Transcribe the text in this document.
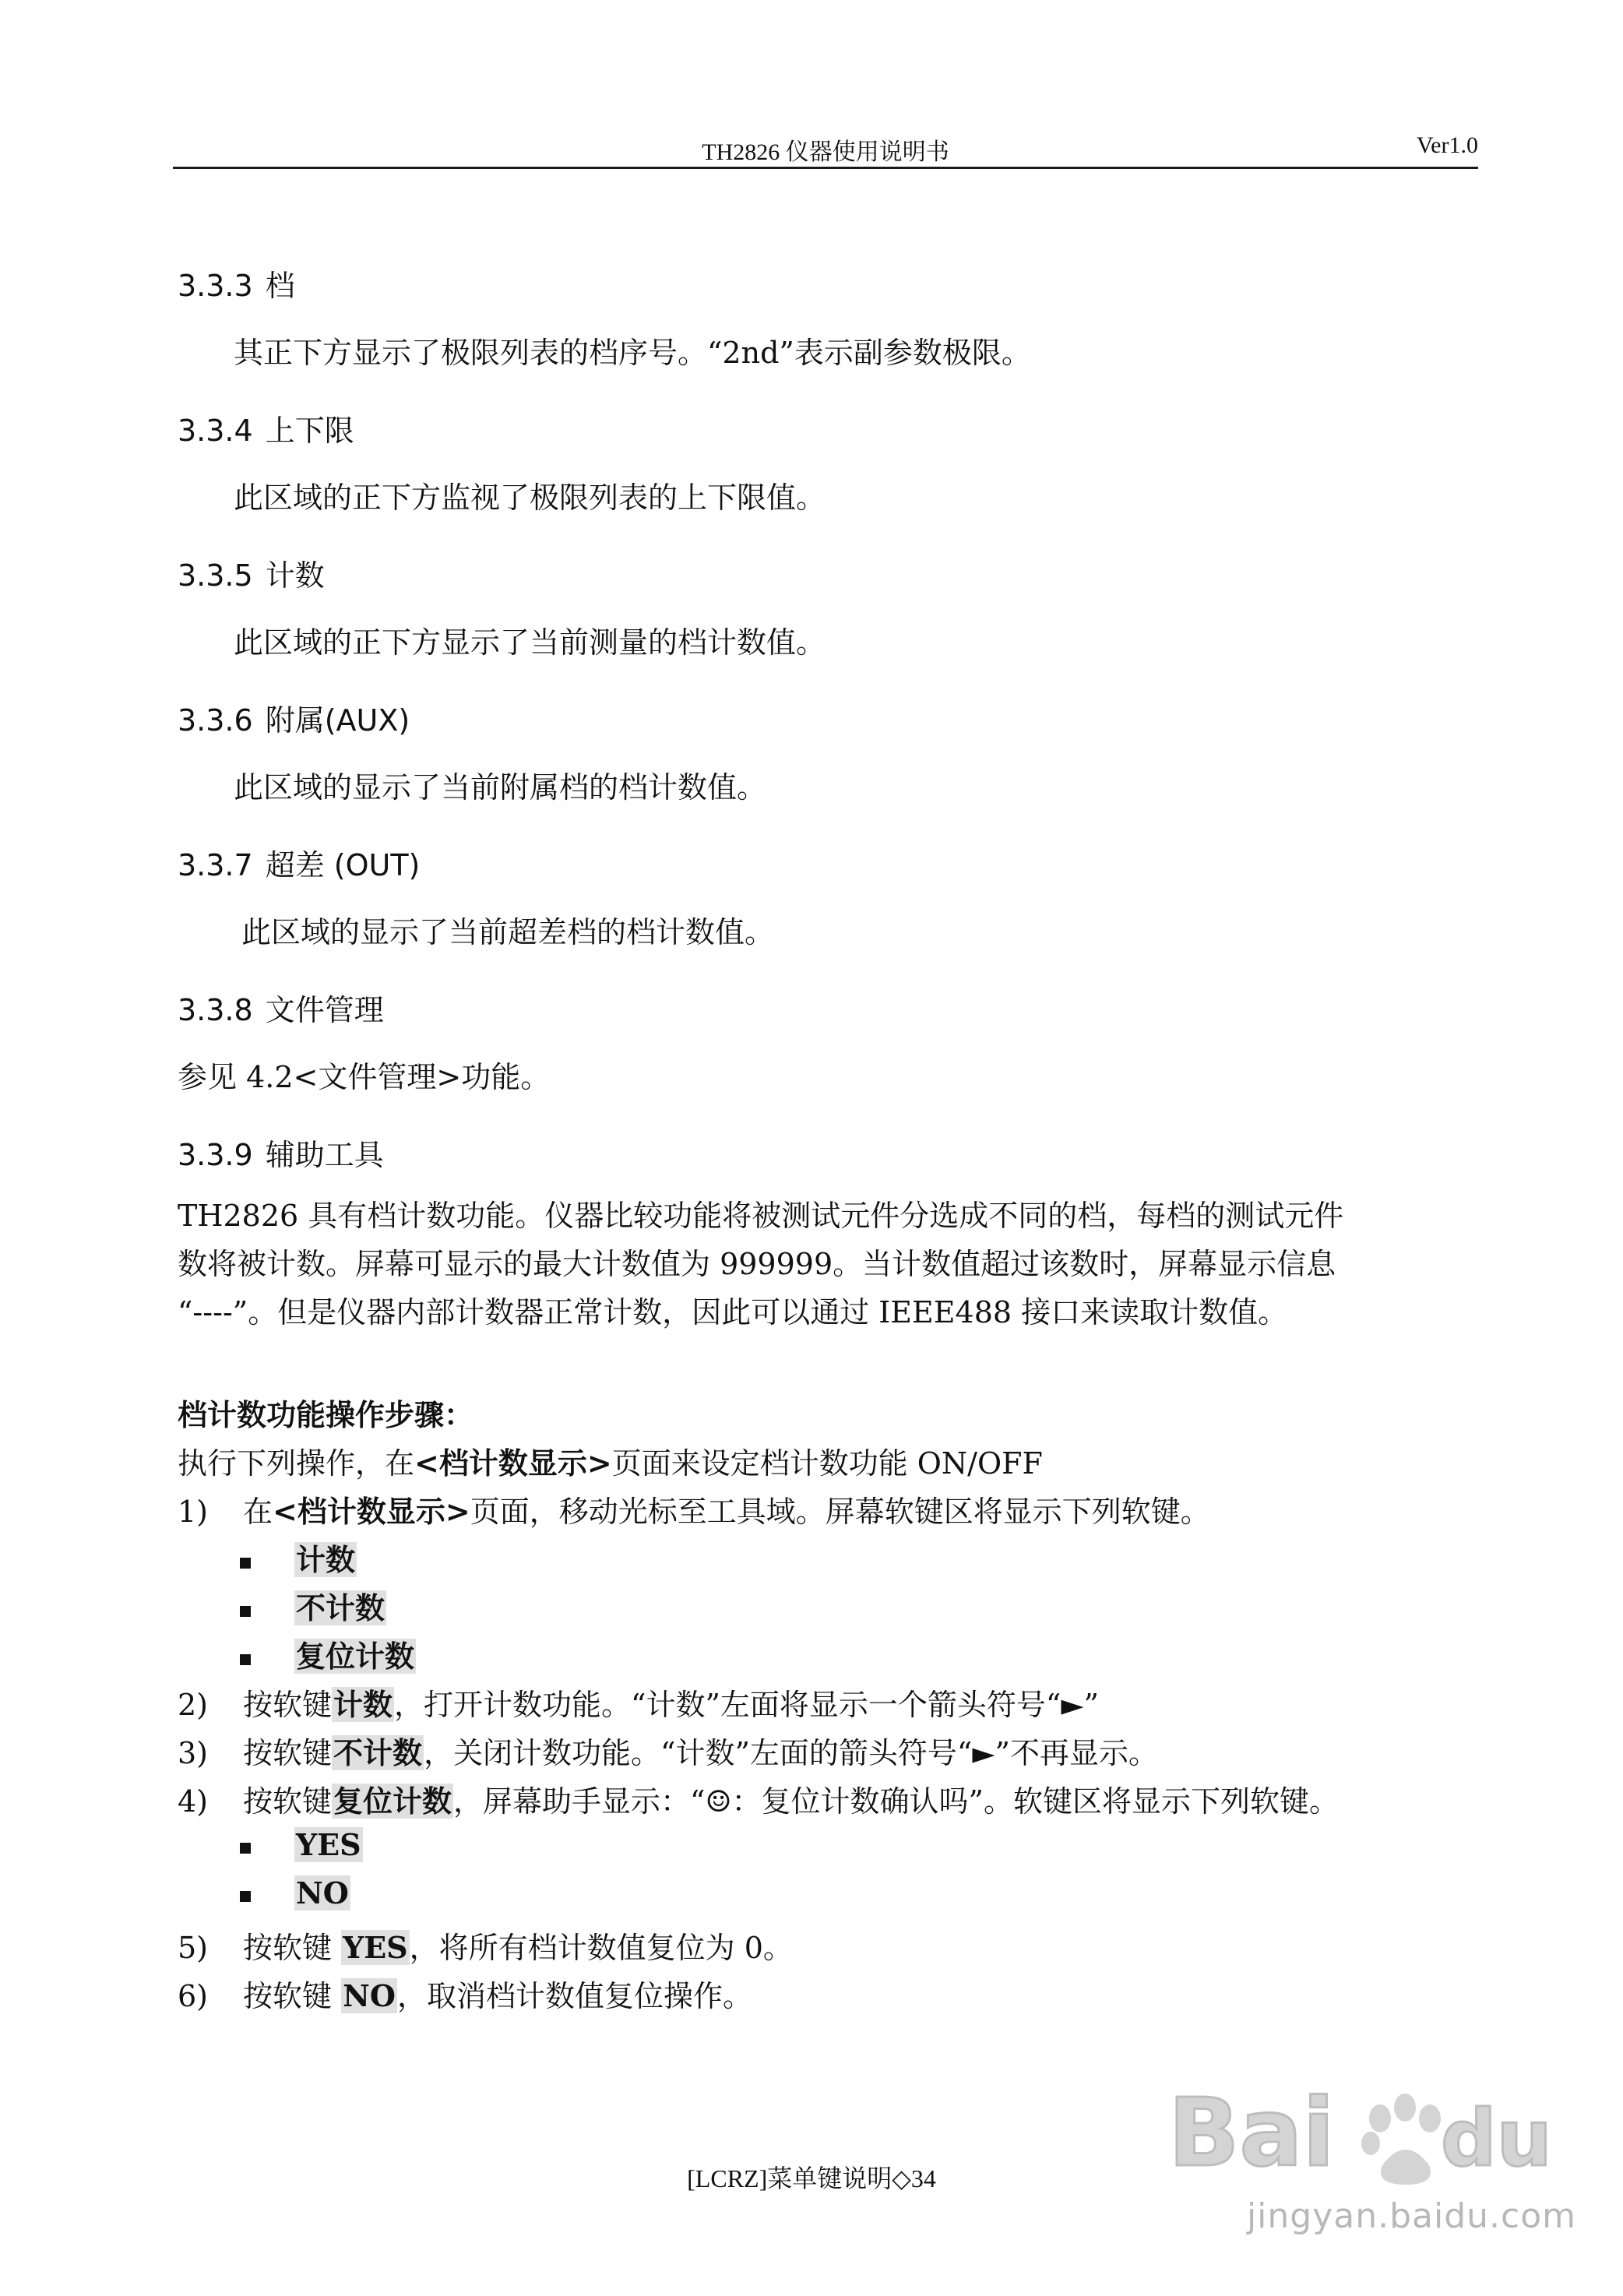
TH2826 仪器使用说明书	Ver1.0
3.3.3 档
其正下方显示了极限列表的档序号。“2nd”表示副参数极限。
3.3.4 上下限
此区域的正下方监视了极限列表的上下限值。
3.3.5 计数
此区域的正下方显示了当前测量的档计数值。
3.3.6 附属(AUX)
此区域的显示了当前附属档的档计数值。
3.3.7 超差 (OUT)
此区域的显示了当前超差档的档计数值。
3.3.8 文件管理
参见 4.2<文件管理>功能。
3.3.9 辅助工具
TH2826 具有档计数功能。仪器比较功能将被测试元件分选成不同的档，每档的测试元件
数将被计数。屏幕可显示的最大计数值为 999999。当计数值超过该数时，屏幕显示信息
“----”。但是仪器内部计数器正常计数，因此可以通过 IEEE488 接口来读取计数值。
档计数功能操作步骤：
执行下列操作，在<档计数显示>页面来设定档计数功能 ON/OFF
1) 在<档计数显示>页面，移动光标至工具域。屏幕软键区将显示下列软键。
计数
不计数
复位计数
2) 按软键计数，打开计数功能。“计数”左面将显示一个箭头符号“►”
3) 按软键不计数，关闭计数功能。“计数”左面的箭头符号“►”不再显示。
4) 按软键复位计数，屏幕助手显示：“☺：复位计数确认吗”。软键区将显示下列软键。
YES
NO
5) 按软键 YES，将所有档计数值复位为 0。
6) 按软键 NO，取消档计数值复位操作。
[LCRZ]菜单键说明◇34	Bai du
jingyan.baidu.com
